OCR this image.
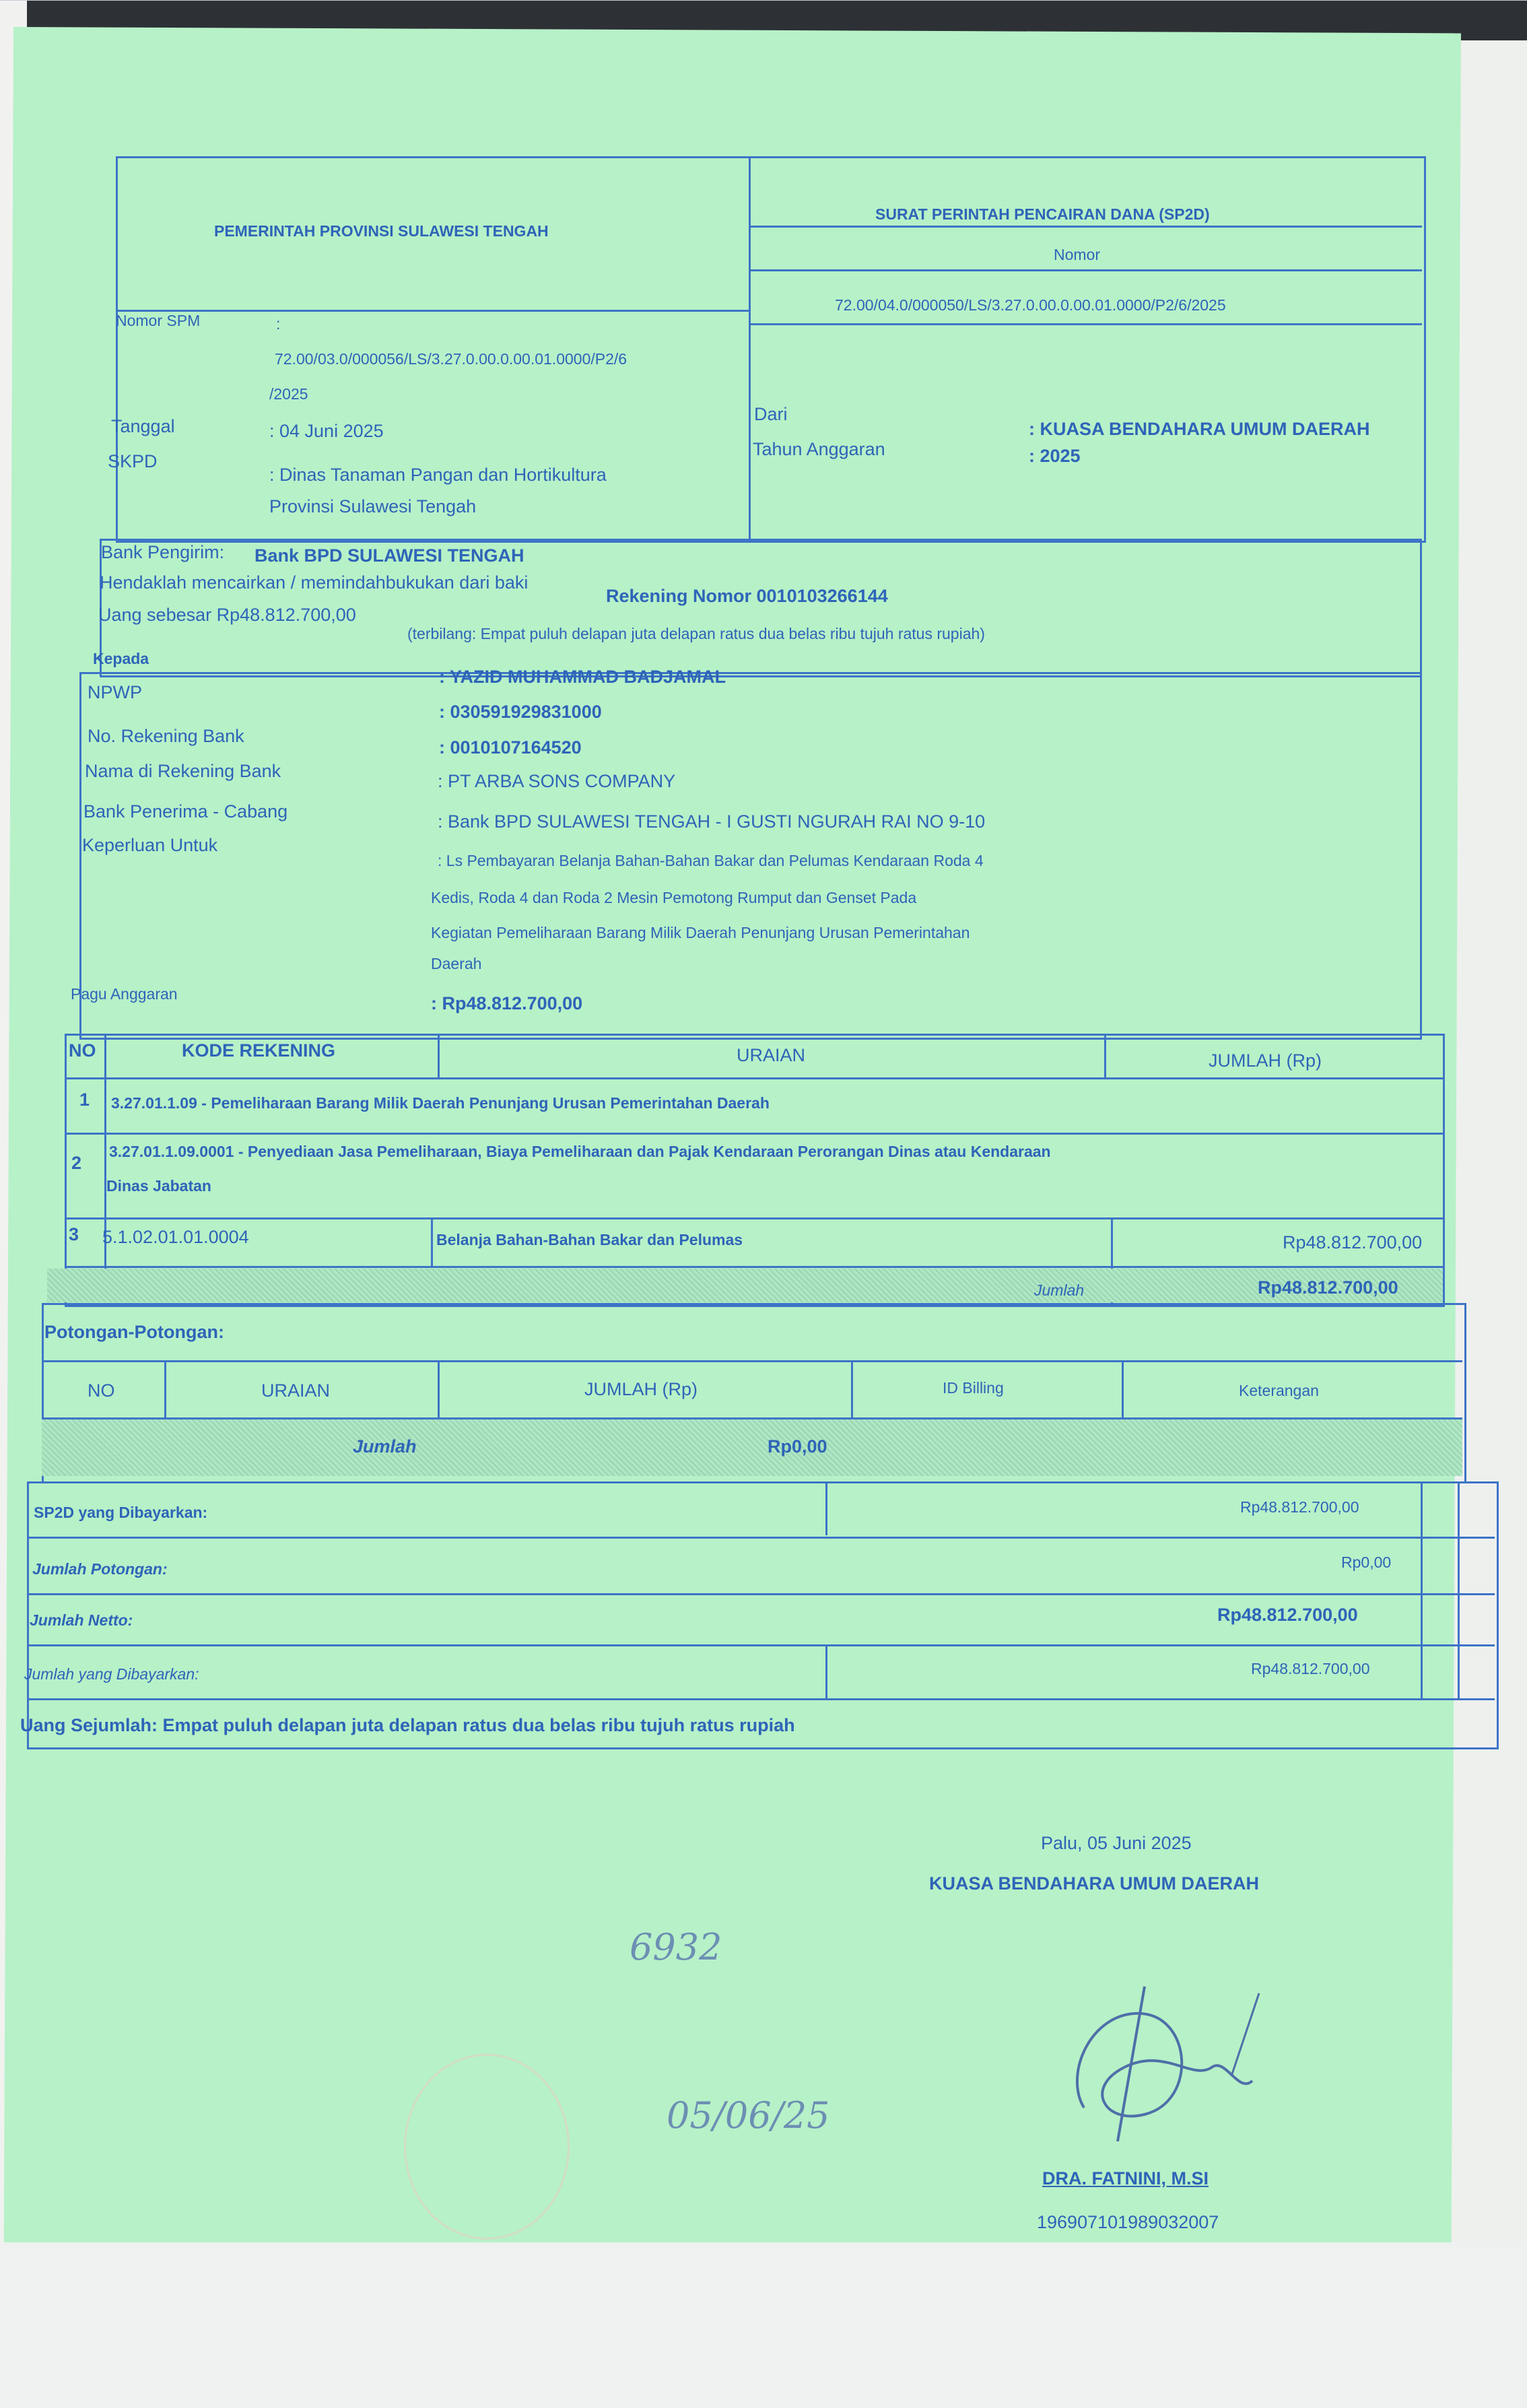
PEMERINTAH PROVINSI SULAWESI TENGAH
SURAT PERINTAH PENCAIRAN DANA (SP2D)
Nomor
72.00/04.0/000050/LS/3.27.0.00.0.00.01.0000/P2/6/2025
Nomor SPM	:
72.00/03.0/000056/LS/3.27.0.00.0.00.01.0000/P2/6
/2025
Tanggal	: 04 Juni 2025
SKPD
: Dinas Tanaman Pangan dan Hortikultura
Provinsi Sulawesi Tengah
Dari
: KUASA BENDAHARA UMUM DAERAH
Tahun Anggaran	: 2025
Bank Pengirim: Bank BPD SULAWESI TENGAH
Hendaklah mencairkan / memindahbukukan dari baki
Rekening Nomor 0010103266144
Uang sebesar Rp48.812.700,00
(terbilang: Empat puluh delapan juta delapan ratus dua belas ribu tujuh ratus rupiah)
Kepada
: YAZID MUHAMMAD BADJAMAL
NPWP
: 030591929831000
No. Rekening Bank
: 0010107164520
Nama di Rekening Bank	: PT ARBA SONS COMPANY
Bank Penerima - Cabang	: Bank BPD SULAWESI TENGAH - I GUSTI NGURAH RAI NO 9-10
Keperluan Untuk
: Ls Pembayaran Belanja Bahan-Bahan Bakar dan Pelumas Kendaraan Roda 4
Kedis, Roda 4 dan Roda 2 Mesin Pemotong Rumput dan Genset Pada
Kegiatan Pemeliharaan Barang Milik Daerah Penunjang Urusan Pemerintahan
Daerah
Pagu Anggaran	: Rp48.812.700,00
NO	KODE REKENING	URAIAN	JUMLAH (Rp)
1 3.27.01.1.09 - Pemeliharaan Barang Milik Daerah Penunjang Urusan Pemerintahan Daerah
2
3.27.01.1.09.0001 - Penyediaan Jasa Pemeliharaan, Biaya Pemeliharaan dan Pajak Kendaraan Perorangan Dinas atau Kendaraan
Dinas Jabatan
3 5.1.02.01.01.0004	Belanja Bahan-Bahan Bakar dan Pelumas	Rp48.812.700,00
Jumlah	Rp48.812.700,00
Potongan-Potongan:
NO	URAIAN	JUMLAH (Rp)	ID Billing	Keterangan
Jumlah	Rp0,00
SP2D yang Dibayarkan:	Rp48.812.700,00
Jumlah Potongan:	Rp0,00
Jumlah Netto:	Rp48.812.700,00
Jumlah yang Dibayarkan:	Rp48.812.700,00
Uang Sejumlah: Empat puluh delapan juta delapan ratus dua belas ribu tujuh ratus rupiah
Palu, 05 Juni 2025
KUASA BENDAHARA UMUM DAERAH
DRA. FATNINI, M.SI
196907101989032007
6932
05/06/25
